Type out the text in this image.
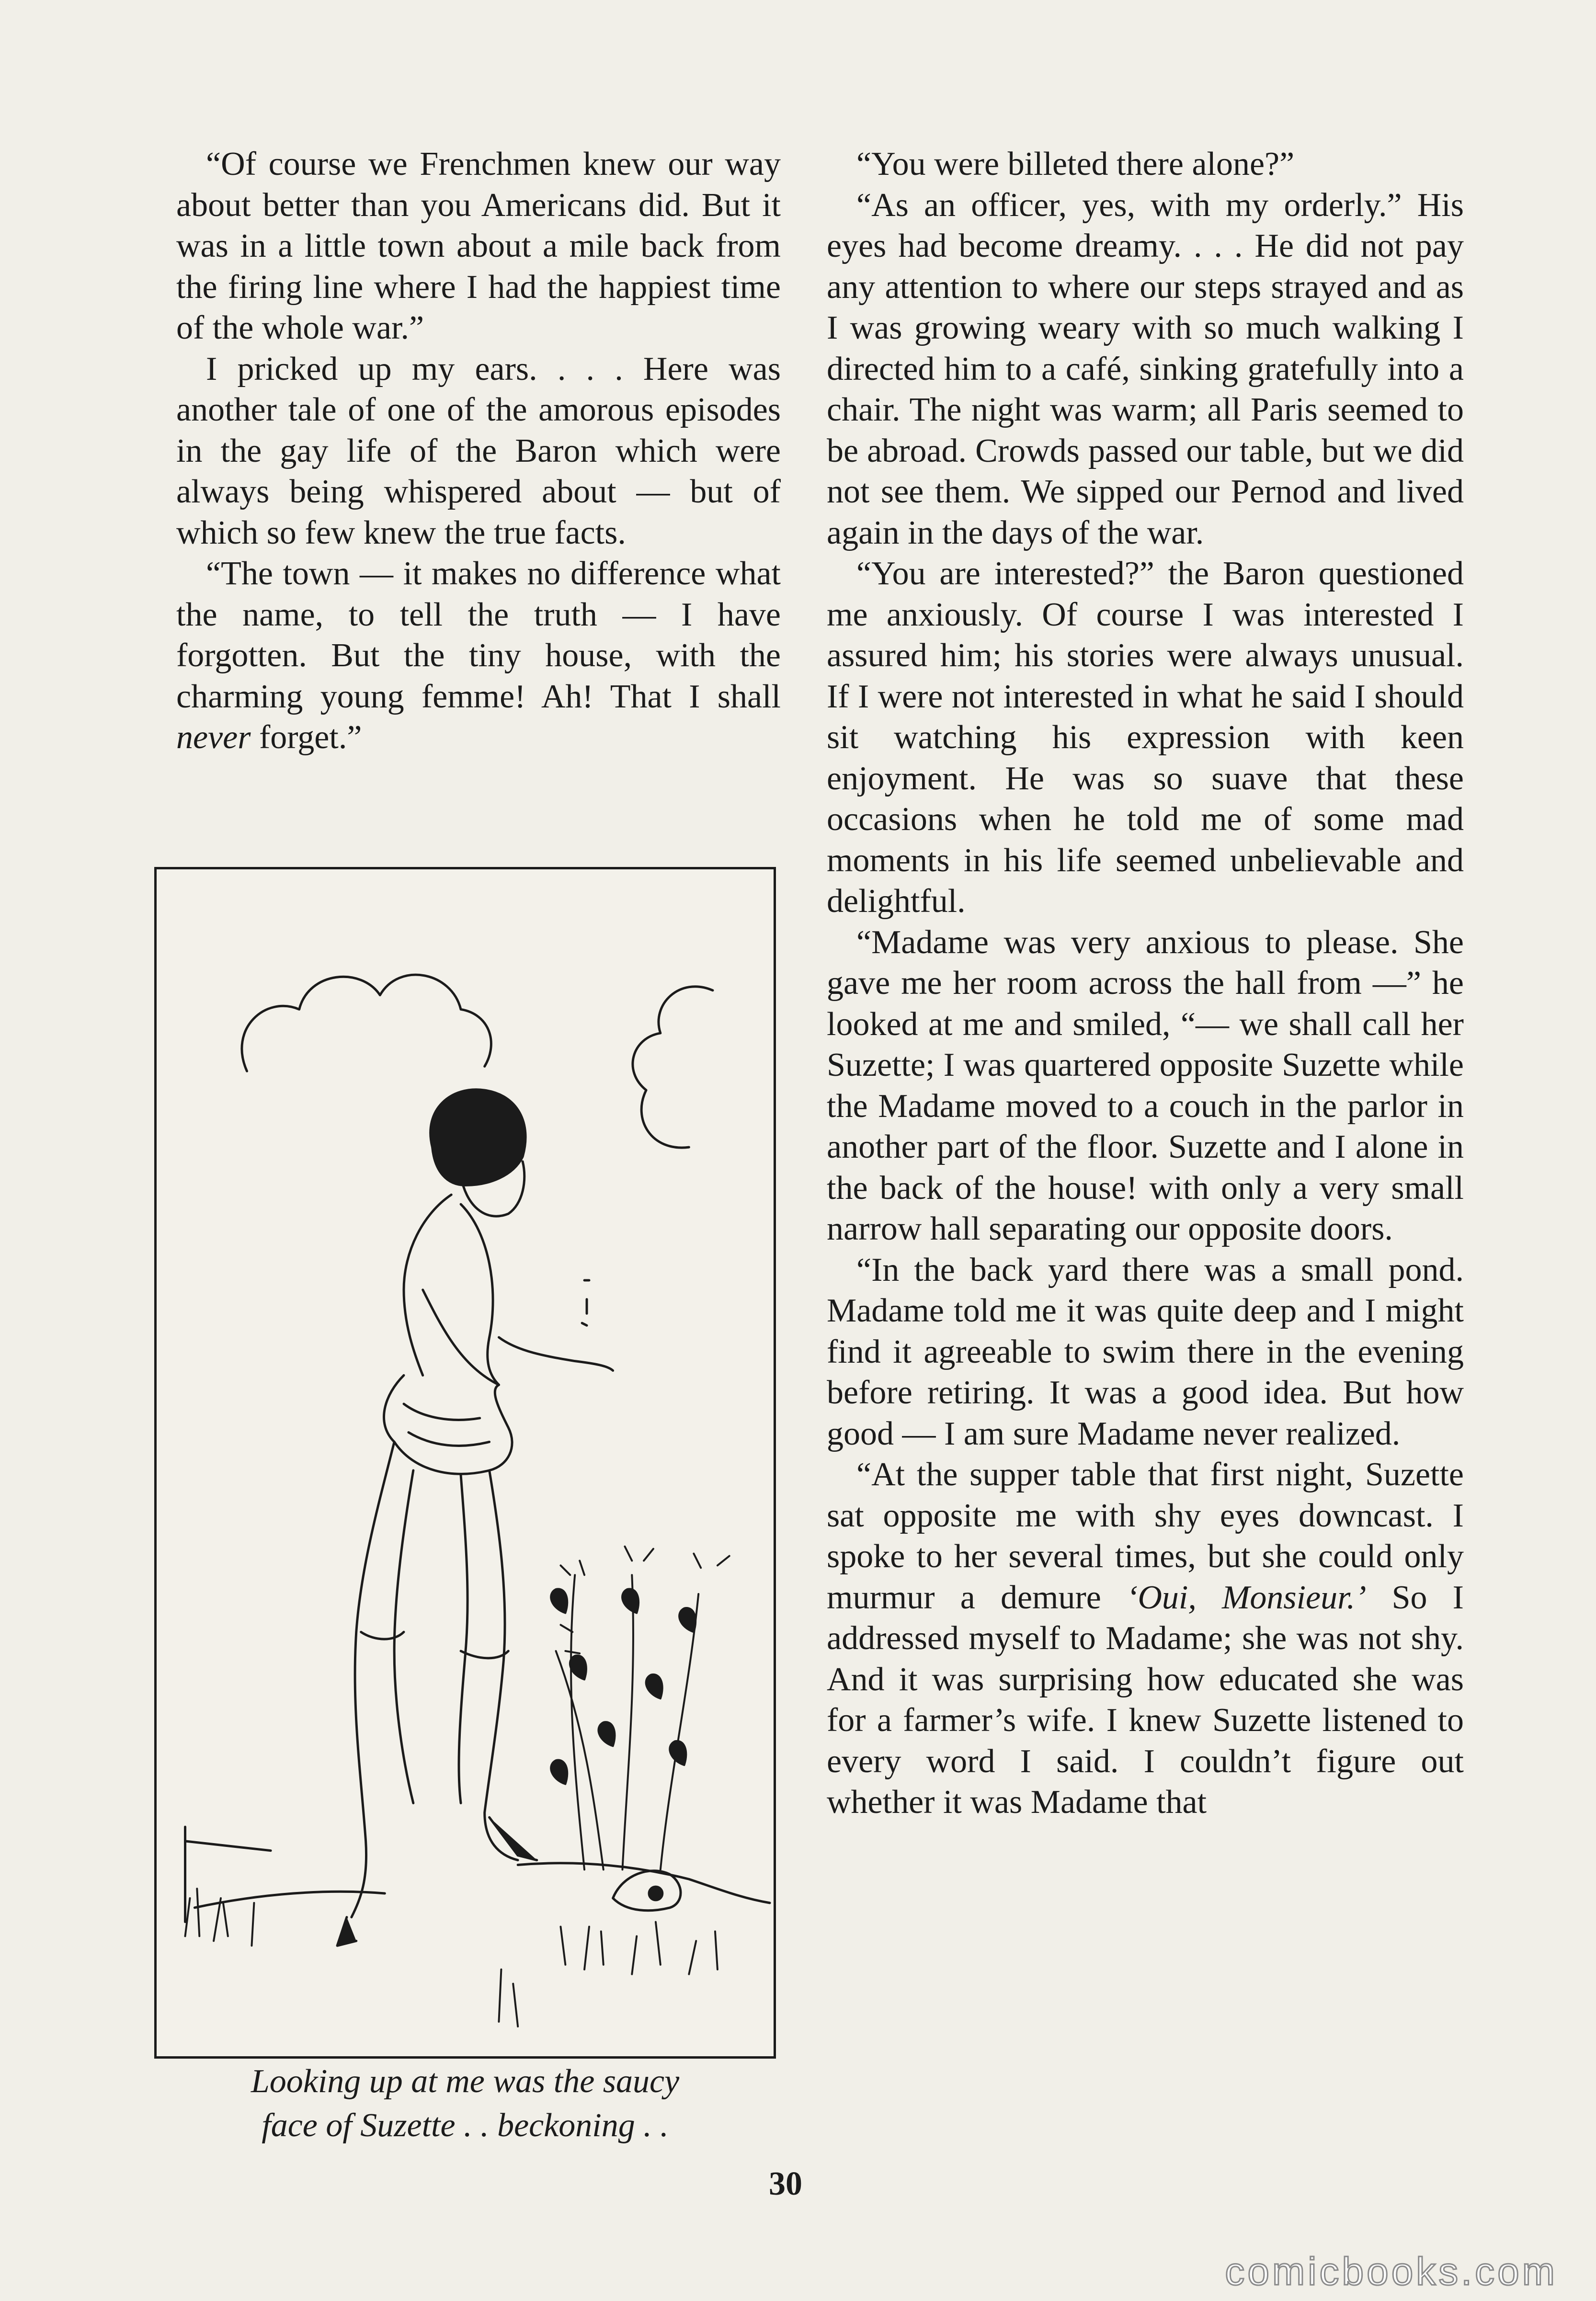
“Of course we Frenchmen knew our way about better than you Americans did. But it was in a little town about a mile back from the firing line where I had the happiest time of the whole war.”

I pricked up my ears. . . . Here was another tale of one of the amorous episodes in the gay life of the Baron which were always being whispered about — but of which so few knew the true facts.

“The town — it makes no difference what the name, to tell the truth — I have forgotten. But the tiny house, with the charming young femme! Ah! That I shall never forget.”

Looking up at me was the saucy
face of Suzette . . beckoning . .

“You were billeted there alone?”

“As an officer, yes, with my orderly.” His eyes had become dreamy. . . . He did not pay any attention to where our steps strayed and as I was growing weary with so much walking I directed him to a café, sinking gratefully into a chair. The night was warm; all Paris seemed to be abroad. Crowds passed our table, but we did not see them. We sipped our Pernod and lived again in the days of the war.

“You are interested?” the Baron questioned me anxiously. Of course I was interested I assured him; his stories were always unusual. If I were not interested in what he said I should sit watching his expression with keen enjoyment. He was so suave that these occasions when he told me of some mad moments in his life seemed unbelievable and delightful.

“Madame was very anxious to please. She gave me her room across the hall from —” he looked at me and smiled, “— we shall call her Suzette; I was quartered opposite Suzette while the Madame moved to a couch in the parlor in another part of the floor. Suzette and I alone in the back of the house! with only a very small narrow hall separating our opposite doors.

“In the back yard there was a small pond. Madame told me it was quite deep and I might find it agreeable to swim there in the evening before retiring. It was a good idea. But how good — I am sure Madame never realized.

“At the supper table that first night, Suzette sat opposite me with shy eyes downcast. I spoke to her several times, but she could only murmur a demure ‘Oui, Monsieur.’ So I addressed myself to Madame; she was not shy. And it was surprising how educated she was for a farmer’s wife. I knew Suzette listened to every word I said. I couldn’t figure out whether it was Madame that

30
comicbooks.com
